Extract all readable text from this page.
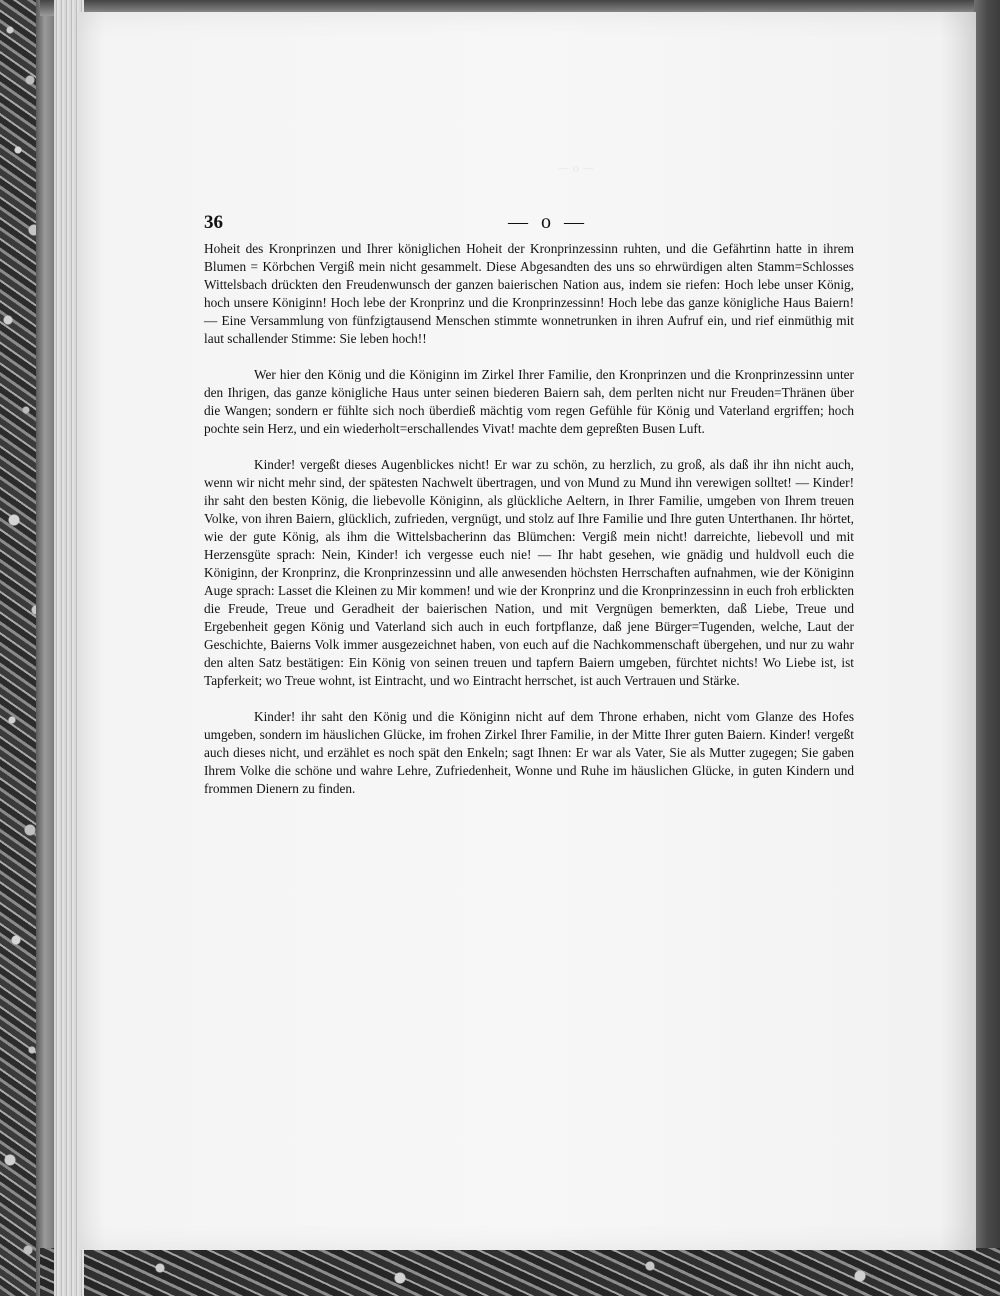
— o —
36	— o —

Hoheit des Kronprinzen und Ihrer königlichen Hoheit der Kronprinzessinn ruhten, und die Gefährtinn hatte in ihrem Blumen = Körbchen Vergiß mein nicht gesammelt. Diese Abgesandten des uns so ehrwürdigen alten Stamm=Schlosses Wittelsbach drückten den Freudenwunsch der ganzen baierischen Nation aus, indem sie riefen: Hoch lebe unser König, hoch unsere Königinn! Hoch lebe der Kronprinz und die Kronprinzessinn! Hoch lebe das ganze königliche Haus Baiern! — Eine Versammlung von fünfzigtausend Menschen stimmte wonnetrunken in ihren Aufruf ein, und rief einmüthig mit laut schallender Stimme: Sie leben hoch!!

Wer hier den König und die Königinn im Zirkel Ihrer Familie, den Kronprinzen und die Kronprinzessinn unter den Ihrigen, das ganze königliche Haus unter seinen biederen Baiern sah, dem perlten nicht nur Freuden=Thränen über die Wangen; sondern er fühlte sich noch überdieß mächtig vom regen Gefühle für König und Vaterland ergriffen; hoch pochte sein Herz, und ein wiederholt=erschallendes Vivat! machte dem gepreßten Busen Luft.

Kinder! vergeßt dieses Augenblickes nicht! Er war zu schön, zu herzlich, zu groß, als daß ihr ihn nicht auch, wenn wir nicht mehr sind, der spätesten Nachwelt übertragen, und von Mund zu Mund ihn verewigen solltet! — Kinder! ihr saht den besten König, die liebevolle Königinn, als glückliche Aeltern, in Ihrer Familie, umgeben von Ihrem treuen Volke, von ihren Baiern, glücklich, zufrieden, vergnügt, und stolz auf Ihre Familie und Ihre guten Unterthanen. Ihr hörtet, wie der gute König, als ihm die Wittelsbacherinn das Blümchen: Vergiß mein nicht! darreichte, liebevoll und mit Herzensgüte sprach: Nein, Kinder! ich vergesse euch nie! — Ihr habt gesehen, wie gnädig und huldvoll euch die Königinn, der Kronprinz, die Kronprinzessinn und alle anwesenden höchsten Herrschaften aufnahmen, wie der Königinn Auge sprach: Lasset die Kleinen zu Mir kommen! und wie der Kronprinz und die Kronprinzessinn in euch froh erblickten die Freude, Treue und Geradheit der baierischen Nation, und mit Vergnügen bemerkten, daß Liebe, Treue und Ergebenheit gegen König und Vaterland sich auch in euch fortpflanze, daß jene Bürger=Tugenden, welche, Laut der Geschichte, Baierns Volk immer ausgezeichnet haben, von euch auf die Nachkommenschaft übergehen, und nur zu wahr den alten Satz bestätigen: Ein König von seinen treuen und tapfern Baiern umgeben, fürchtet nichts! Wo Liebe ist, ist Tapferkeit; wo Treue wohnt, ist Eintracht, und wo Eintracht herrschet, ist auch Vertrauen und Stärke.

Kinder! ihr saht den König und die Königinn nicht auf dem Throne erhaben, nicht vom Glanze des Hofes umgeben, sondern im häuslichen Glücke, im frohen Zirkel Ihrer Familie, in der Mitte Ihrer guten Baiern. Kinder! vergeßt auch dieses nicht, und erzählet es noch spät den Enkeln; sagt Ihnen: Er war als Vater, Sie als Mutter zugegen; Sie gaben Ihrem Volke die schöne und wahre Lehre, Zufriedenheit, Wonne und Ruhe im häuslichen Glücke, in guten Kindern und frommen Dienern zu finden.
